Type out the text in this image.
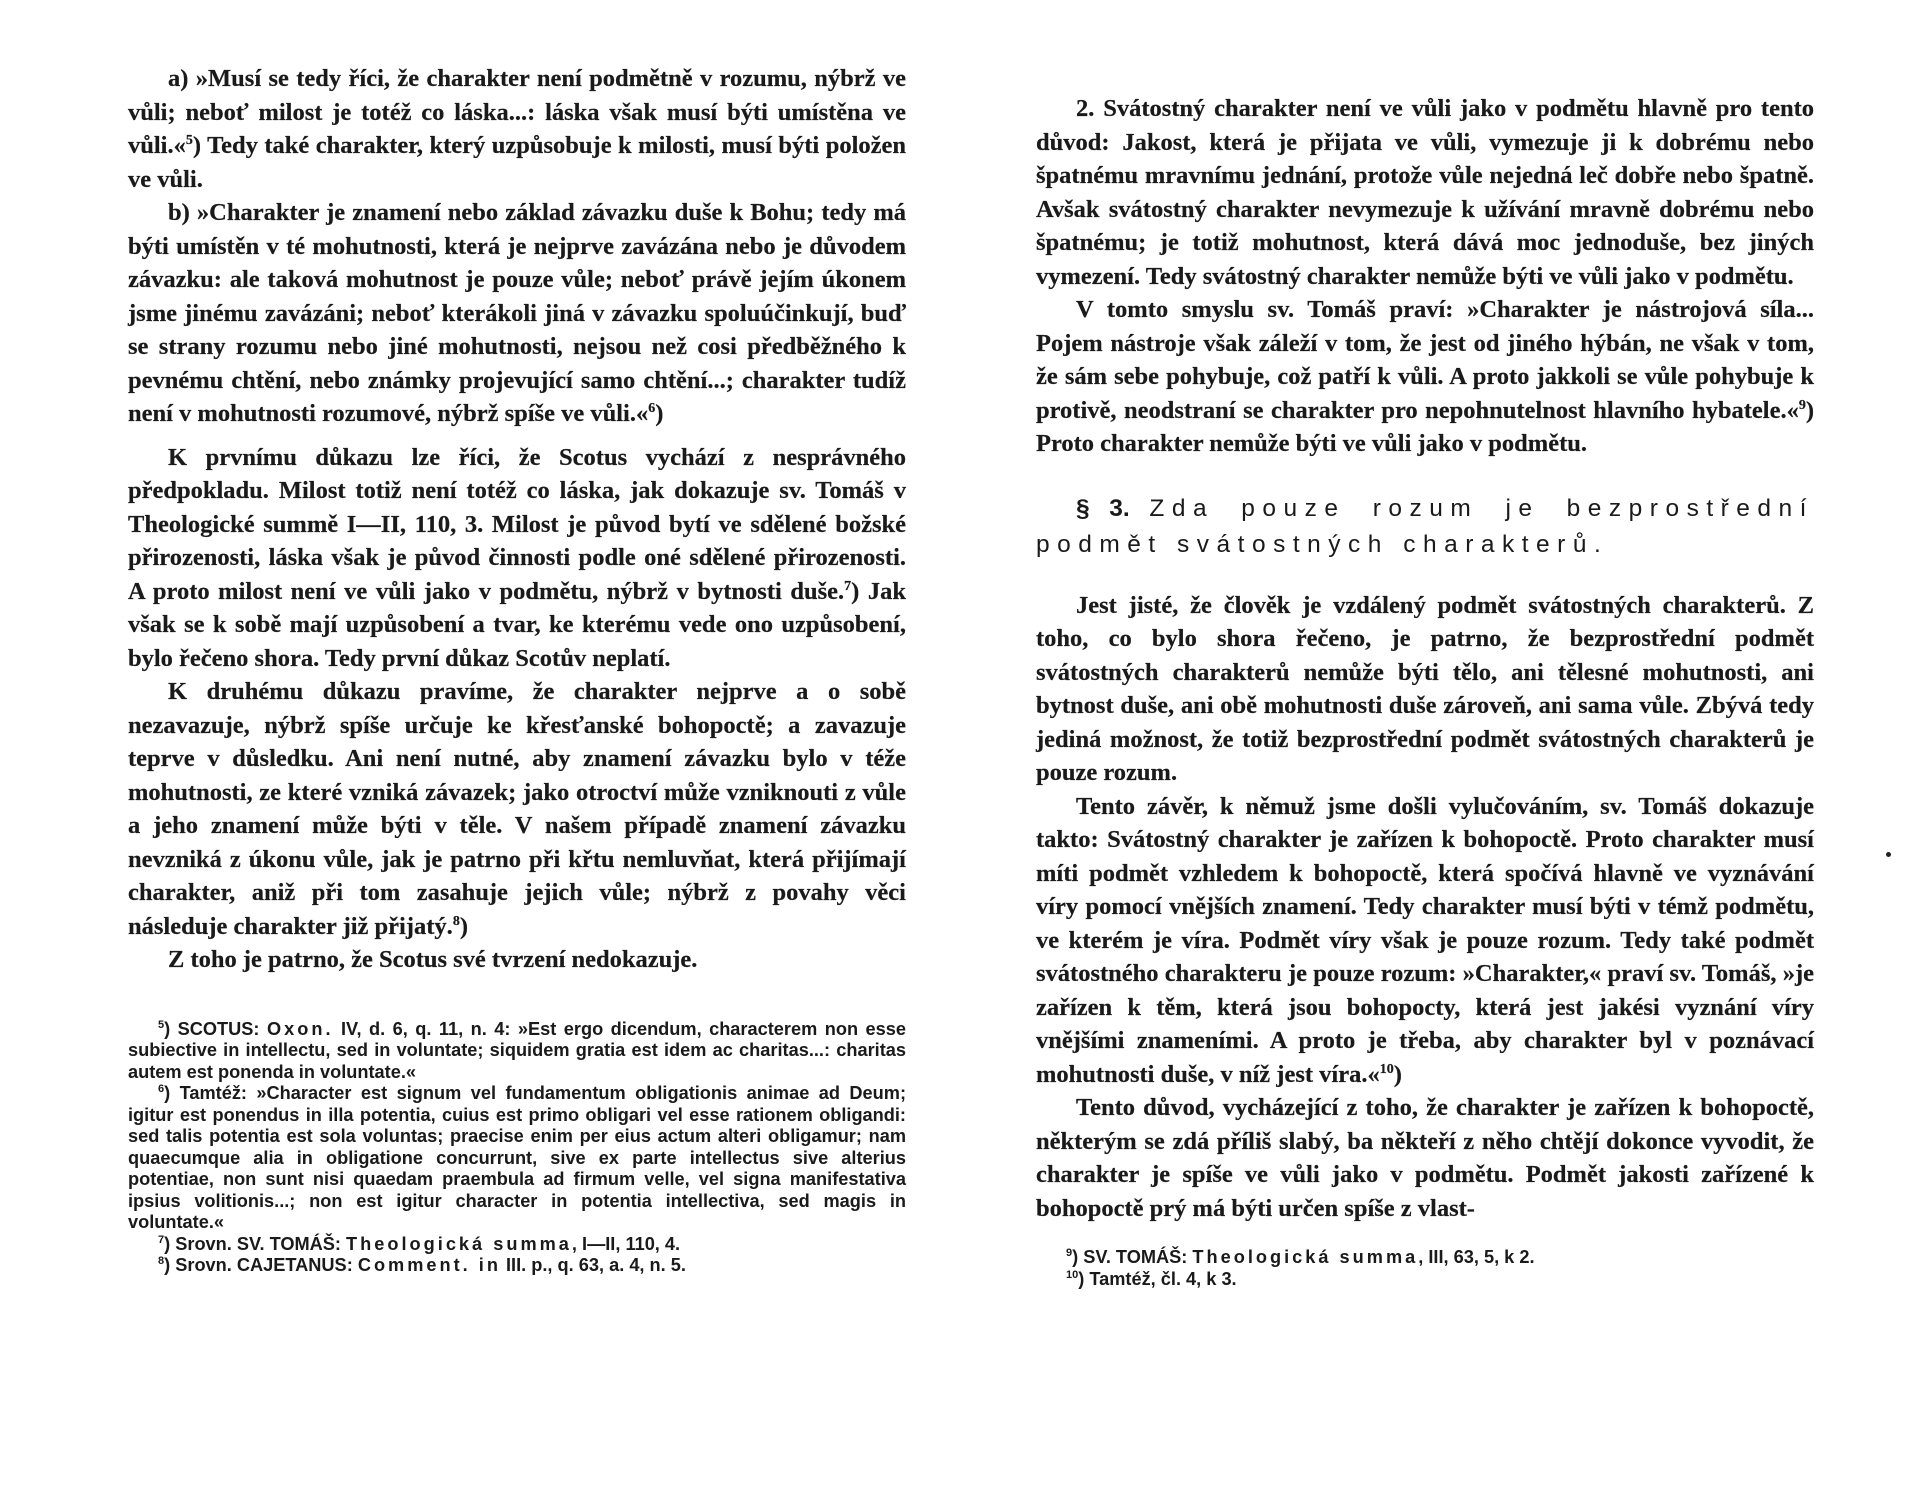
a) »Musí se tedy říci, že charakter není podmětně v rozumu, nýbrž ve vůli; neboť milost je totéž co láska...: láska však musí býti umístěna ve vůli.«$^5$) Tedy také charakter, který uzpůsobuje k milosti, musí býti položen ve vůli.

b) »Charakter je znamení nebo základ závazku duše k Bohu; tedy má býti umístěn v té mohutnosti, která je nejprve zavázána nebo je důvodem závazku: ale taková mohutnost je pouze vůle; neboť právě jejím úkonem jsme jinému zavázáni; neboť kterákoli jiná v závazku spoluúčinkují, buď se strany rozumu nebo jiné mohutnosti, nejsou než cosi předběžného k pevnému chtění, nebo známky projevující samo chtění...; charakter tudíž není v mohutnosti rozumové, nýbrž spíše ve vůli.«$^6$)

K prvnímu důkazu lze říci, že Scotus vychází z nesprávného předpokladu. Milost totiž není totéž co láska, jak dokazuje sv. Tomáš v Theologické summě I—II, 110, 3. Milost je původ bytí ve sdělené božské přirozenosti, láska však je původ činnosti podle oné sdělené přirozenosti. A proto milost není ve vůli jako v podmětu, nýbrž v bytnosti duše.$^7$) Jak však se k sobě mají uzpůsobení a tvar, ke kterému vede ono uzpůsobení, bylo řečeno shora. Tedy první důkaz Scotův neplatí.

K druhému důkazu pravíme, že charakter nejprve a o sobě nezavazuje, nýbrž spíše určuje ke křesťanské bohopoctě; a zavazuje teprve v důsledku. Ani není nutné, aby znamení závazku bylo v téže mohutnosti, ze které vzniká závazek; jako otroctví může vzniknouti z vůle a jeho znamení může býti v těle. V našem případě znamení závazku nevzniká z úkonu vůle, jak je patrno při křtu nemluvňat, která přijímají charakter, aniž při tom zasahuje jejich vůle; nýbrž z povahy věci následuje charakter již přijatý.$^8$)

Z toho je patrno, že Scotus své tvrzení nedokazuje.

$^5$) SCOTUS: Oxon. IV, d. 6, q. 11, n. 4: »Est ergo dicendum, characterem non esse subiective in intellectu, sed in voluntate; siquidem gratia est idem ac charitas...: charitas autem est ponenda in voluntate.«

$^6$) Tamtéž: »Character est signum vel fundamentum obligationis animae ad Deum; igitur est ponendus in illa potentia, cuius est primo obligari vel esse rationem obligandi: sed talis potentia est sola voluntas; praecise enim per eius actum alteri obligamur; nam quaecumque alia in obligatione concurrunt, sive ex parte intellectus sive alterius potentiae, non sunt nisi quaedam praembula ad firmum velle, vel signa manifestativa ipsius volitionis...; non est igitur character in potentia intellectiva, sed magis in voluntate.«

$^7$) Srovn. SV. TOMÁŠ: Theologická summa, I—II, 110, 4.

$^8$) Srovn. CAJETANUS: Comment. in III. p., q. 63, a. 4, n. 5.

2. Svátostný charakter není ve vůli jako v podmětu hlavně pro tento důvod: Jakost, která je přijata ve vůli, vymezuje ji k dobrému nebo špatnému mravnímu jednání, protože vůle nejedná leč dobře nebo špatně. Avšak svátostný charakter nevymezuje k užívání mravně dobrému nebo špatnému; je totiž mohutnost, která dává moc jednoduše, bez jiných vymezení. Tedy svátostný charakter nemůže býti ve vůli jako v podmětu.

V tomto smyslu sv. Tomáš praví: »Charakter je nástrojová síla... Pojem nástroje však záleží v tom, že jest od jiného hýbán, ne však v tom, že sám sebe pohybuje, což patří k vůli. A proto jakkoli se vůle pohybuje k protivě, neodstraní se charakter pro nepohnutelnost hlavního hybatele.«$^9$) Proto charakter nemůže býti ve vůli jako v podmětu.

§ 3. Zda pouze rozum je bezprostřední podmět svátostných charakterů.

Jest jisté, že člověk je vzdálený podmět svátostných charakterů. Z toho, co bylo shora řečeno, je patrno, že bezprostřední podmět svátostných charakterů nemůže býti tělo, ani tělesné mohutnosti, ani bytnost duše, ani obě mohutnosti duše zároveň, ani sama vůle. Zbývá tedy jediná možnost, že totiž bezprostřední podmět svátostných charakterů je pouze rozum.

Tento závěr, k němuž jsme došli vylučováním, sv. Tomáš dokazuje takto: Svátostný charakter je zařízen k bohopoctě. Proto charakter musí míti podmět vzhledem k bohopoctě, která spočívá hlavně ve vyznávání víry pomocí vnějších znamení. Tedy charakter musí býti v témž podmětu, ve kterém je víra. Podmět víry však je pouze rozum. Tedy také podmět svátostného charakteru je pouze rozum: »Charakter,« praví sv. Tomáš, »je zařízen k těm, která jsou bohopocty, která jest jakési vyznání víry vnějšími znameními. A proto je třeba, aby charakter byl v poznávací mohutnosti duše, v níž jest víra.«$^{10}$)

Tento důvod, vycházející z toho, že charakter je zařízen k bohopoctě, některým se zdá příliš slabý, ba někteří z něho chtějí dokonce vyvodit, že charakter je spíše ve vůli jako v podmětu. Podmět jakosti zařízené k bohopoctě prý má býti určen spíše z vlast-

$^9$) SV. TOMÁŠ: Theologická summa, III, 63, 5, k 2.

$^{10}$) Tamtéž, čl. 4, k 3.
